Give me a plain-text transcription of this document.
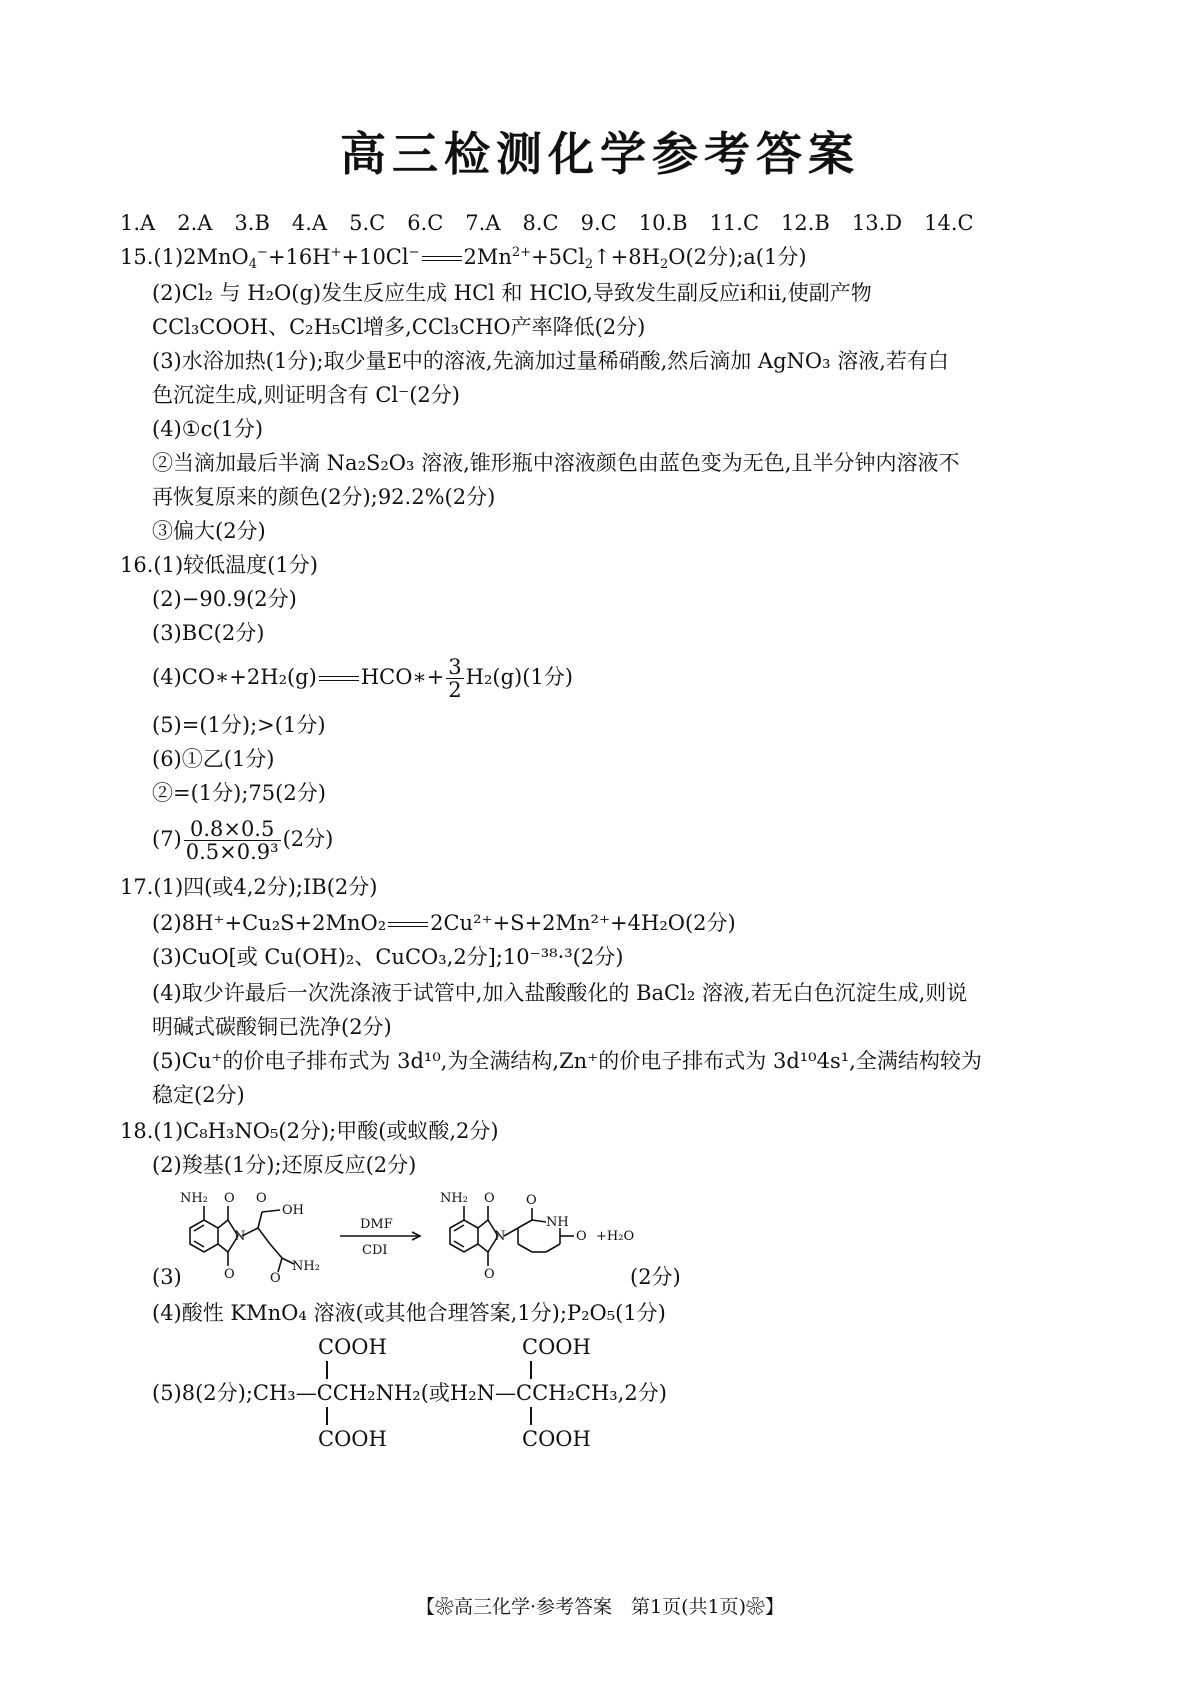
高三检测化学参考答案
1.A 2.A 3.B 4.A 5.C 6.C 7.A 8.C 9.C 10.B 11.C 12.B 13.D 14.C
15.(1)2MnO$_4$−+16H++10Cl− $2Mn^{2+}+5Cl_2↑+8H_2O(2$分);a(1分)
(2)Cl₂ 与 H₂O(g)发生反应生成 HCl 和 HClO,导致发生副反应ⅰ和ⅱ,使副产物
CCl₃COOH、C₂H₅Cl增多,CCl₃CHO产率降低(2分)
(3)水浴加热(1分);取少量E中的溶液,先滴加过量稀硝酸,然后滴加 AgNO₃ 溶液,若有白
色沉淀生成,则证明含有 Cl⁻(2分)
(4)①c(1分)
②当滴加最后半滴 Na₂S₂O₃ 溶液,锥形瓶中溶液颜色由蓝色变为无色,且半分钟内溶液不
再恢复原来的颜色(2分);92.2%(2分)
③偏大(2分)
16.(1)较低温度(1分)
(2)−90.9(2分)
(3)BC(2分)
(4)CO∗+2H₂(g) HCO∗+ $\frac{3}{2} H_2(g)(1$分)
(5)=(1分);>(1分)
(6)①乙(1分)
②=(1分);75(2分)
$(7) \frac{0.8\times 0.5}{\text{0.5×0.9³}} (2$分)
17.(1)四(或4,2分);ⅠB(2分)
(2)8H⁺+Cu₂S+2MnO₂ 2Cu²⁺+S+2Mn²⁺+4H₂O(2分)
(3)CuO[或 Cu(OH)₂、CuCO₃,2分];10⁻³⁸·³(2分)
(4)取少许最后一次洗涤液于试管中,加入盐酸酸化的 BaCl₂ 溶液,若无白色沉淀生成,则说
明碱式碳酸铜已洗净(2分)
(5)Cu⁺的价电子排布式为 3d¹⁰,为全满结构,Zn⁺的价电子排布式为 3d¹⁰4s¹,全满结构较为
稳定(2分)
18.(1)C₈H₃NO₅(2分);甲酸(或蚁酸,2分)
(2)羧基(1分);还原反应(2分)
NH₂ O
O
N
O
OH
NH₂
O
DMF
CDI
NH₂ O
O
N
O
NH
O +H₂O
(3)	(2分)
(4)酸性 KMnO₄ 溶液(或其他合理答案,1分);P₂O₅(1分)
COOH	COOH
(5)8(2分);CH₃—CCH₂NH₂(或H₂N—CCH₂CH₃,2分)
COOH	COOH
【❀高三化学·参考答案　第1页(共1页)❀】
